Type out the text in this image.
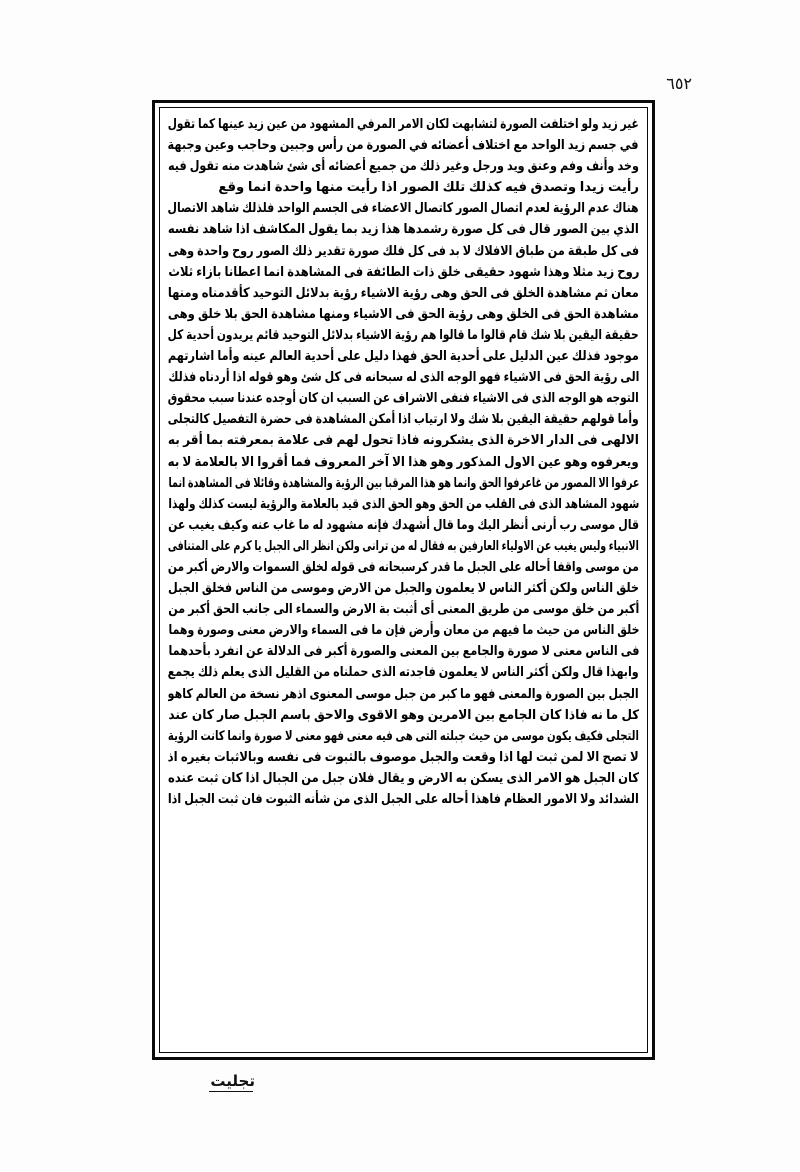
٦٥٢
غير زيد ولو اختلفت الصورة لتشابهت لكان الامر المرفي المشهود من عين زيد عينها كما تقول
في جسم زيد الواحد مع اختلاف أعضائه في الصورة من رأس وجبين وحاجب وعين وجبهة
وخد وأنف وفم وعنق ويد ورجل وغير ذلك من جميع أعضائه أى شئ شاهدت منه تقول فيه
رأيت زيدا وتصدق فيه كذلك تلك الصور اذا رأيت منها واحدة انما وقع
هناك عدم الرؤية لعدم اتصال الصور كاتصال الاعضاء فى الجسم الواحد فلذلك شاهد الاتصال
الذي بين الصور قال فى كل صورة رشمدها هذا زيد بما يقول المكاشف اذا شاهد نفسه
فى كل طبقة من طباق الافلاك لا بد فى كل فلك صورة تقدير ذلك الصور روح واحدة وهى
روح زيد مثلا وهذا شهود حقيقى خلق ذات الطائفة فى المشاهدة انما اعطانا بازاء ثلاث
معان ثم مشاهدة الخلق فى الحق وهى رؤية الاشياء رؤية بدلائل التوحيد كأقدمناه ومنها
مشاهدة الحق فى الخلق وهى رؤية الحق فى الاشياء ومنها مشاهدة الحق بلا خلق وهى
حقيقة اليقين بلا شك قام قالوا ما قالوا هم رؤية الاشياء بدلائل التوحيد قائم يريدون أحدية كل
موجود فذلك عين الدليل على أحدية الحق فهذا دليل على أحدية العالم عينه وأما اشارتهم
الى رؤية الحق فى الاشياء فهو الوجه الذى له سبحانه فى كل شئ وهو قوله اذا أردناه فذلك
التوجه هو الوجه الذى فى الاشياء فنفى الاشراف عن السبب ان كان أوجده عندنا سبب محقوق
وأما قولهم حقيقة اليقين بلا شك ولا ارتياب اذا أمكن المشاهدة فى حضرة التفصيل كالتجلى
الالهى فى الدار الاخرة الذى يشكرونه فاذا تحول لهم فى علامة بمعرفته بما أقر به
ويعرفوه وهو عين الاول المذكور وهو هذا الا آخر المعروف فما أقروا الا بالعلامة لا به
عرفوا الا المصور من غاعرفوا الحق وانما هو هذا المرقبا بين الرؤية والمشاهدة وقائلا فى المشاهدة انما
شهود المشاهد الذى فى القلب من الحق وهو الحق الذى قيد بالعلامة والرؤية ليست كذلك ولهذا
قال موسى رب أرنى أنظر اليك وما قال أشهدك فإنه مشهود له ما غاب عنه وكيف يغيب عن
الانبياء وليس يغيب عن الاولياء العارفين به فقال له من ترانى ولكن انظر الى الجبل يا كرم على المتنافى
من موسى واقفا أحاله على الجبل ما قدر كرسبحانه فى قوله لخلق السموات والارض أكبر من
خلق الناس ولكن أكثر الناس لا يعلمون والجبل من الارض وموسى من الناس فخلق الجبل
أكبر من خلق موسى من طريق المعنى أى أثبت بة الارض والسماء الى جانب الحق أكبر من
خلق الناس من حيث ما فيهم من معان وأرض فإن ما فى السماء والارض معنى وصورة وهما
فى الناس معنى لا صورة والجامع بين المعنى والصورة أكبر فى الدلالة عن انفرد بأحدهما
وابهذا قال ولكن أكثر الناس لا يعلمون فاجدته الذى حملناه من القليل الذى يعلم ذلك يجمع
الجبل بين الصورة والمعنى فهو ما كبر من جبل موسى المعنوى اذهر نسخة من العالم كاهو
كل ما نه فاذا كان الجامع بين الامرين وهو الاقوى والاحق باسم الجبل صار كان عند
التجلى فكيف يكون موسى من حيث جبلته التى هى فيه معنى فهو معنى لا صورة وانما كانت الرؤية
لا تصح الا لمن ثبت لها اذا وقعت والجبل موصوف بالثبوت فى نفسه وبالاثبات بغيره اذ
كان الجبل هو الامر الذى يسكن به الارض و يقال فلان جبل من الجبال اذا كان ثبت عنده
الشدائد ولا الامور العظام فاهذا أحاله على الجبل الذى من شأنه الثبوت فان ثبت الجبل اذا
تجليت
